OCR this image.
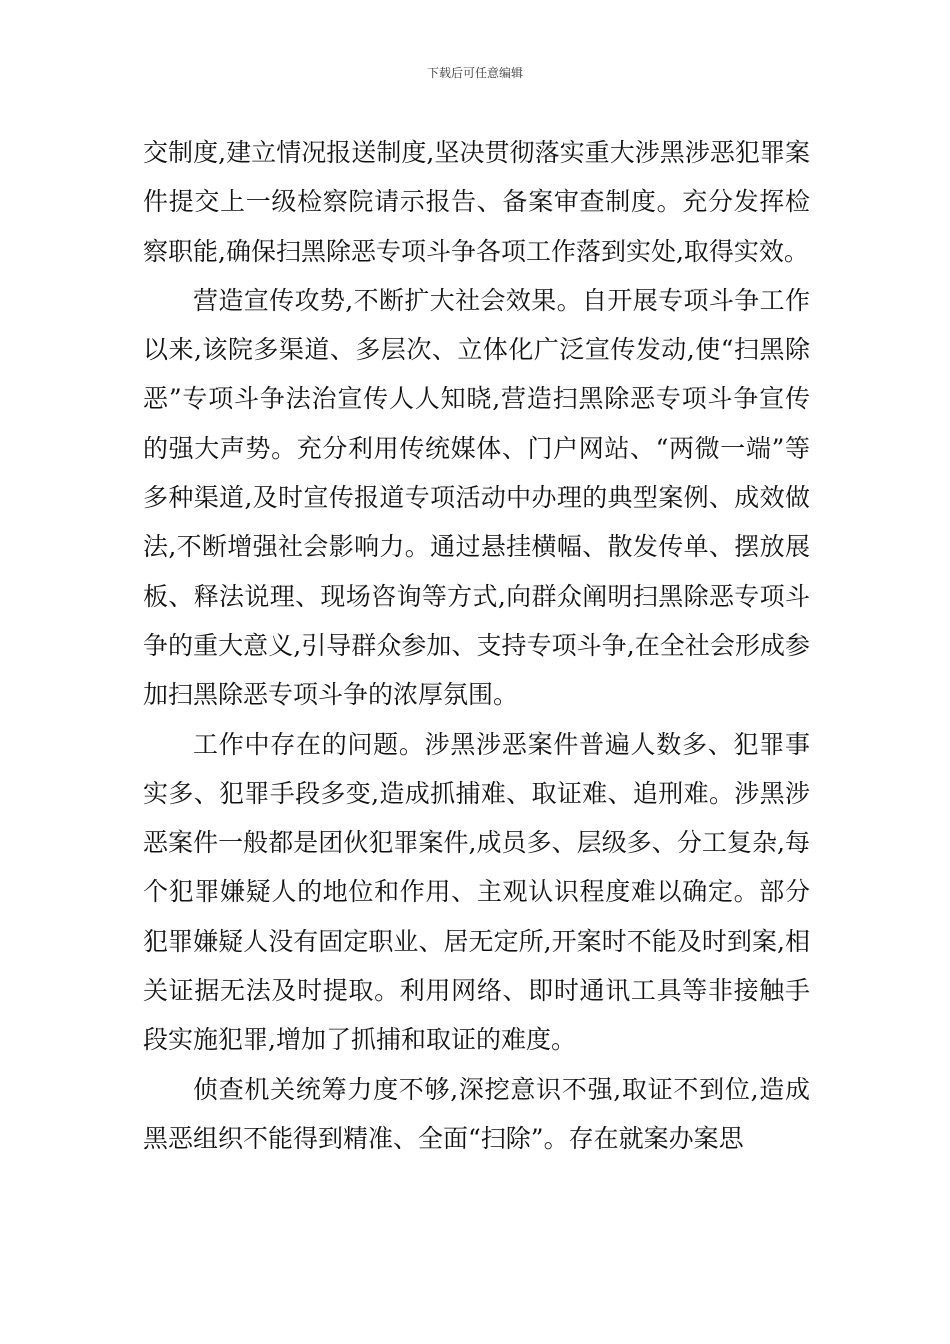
下载后可任意编辑

交制度,建立情况报送制度,坚决贯彻落实重大涉黑涉恶犯罪案件提交上一级检察院请示报告、备案审查制度。充分发挥检察职能,确保扫黑除恶专项斗争各项工作落到实处,取得实效。

营造宣传攻势,不断扩大社会效果。自开展专项斗争工作以来,该院多渠道、多层次、立体化广泛宣传发动,使“扫黑除恶”专项斗争法治宣传人人知晓,营造扫黑除恶专项斗争宣传的强大声势。充分利用传统媒体、门户网站、“两微一端”等多种渠道,及时宣传报道专项活动中办理的典型案例、成效做法,不断增强社会影响力。通过悬挂横幅、散发传单、摆放展板、释法说理、现场咨询等方式,向群众阐明扫黑除恶专项斗争的重大意义,引导群众参加、支持专项斗争,在全社会形成参加扫黑除恶专项斗争的浓厚氛围。

工作中存在的问题。涉黑涉恶案件普遍人数多、犯罪事实多、犯罪手段多变,造成抓捕难、取证难、追刑难。涉黑涉恶案件一般都是团伙犯罪案件,成员多、层级多、分工复杂,每个犯罪嫌疑人的地位和作用、主观认识程度难以确定。部分犯罪嫌疑人没有固定职业、居无定所,开案时不能及时到案,相关证据无法及时提取。利用网络、即时通讯工具等非接触手段实施犯罪,增加了抓捕和取证的难度。

侦查机关统筹力度不够,深挖意识不强,取证不到位,造成黑恶组织不能得到精准、全面“扫除”。存在就案办案思
